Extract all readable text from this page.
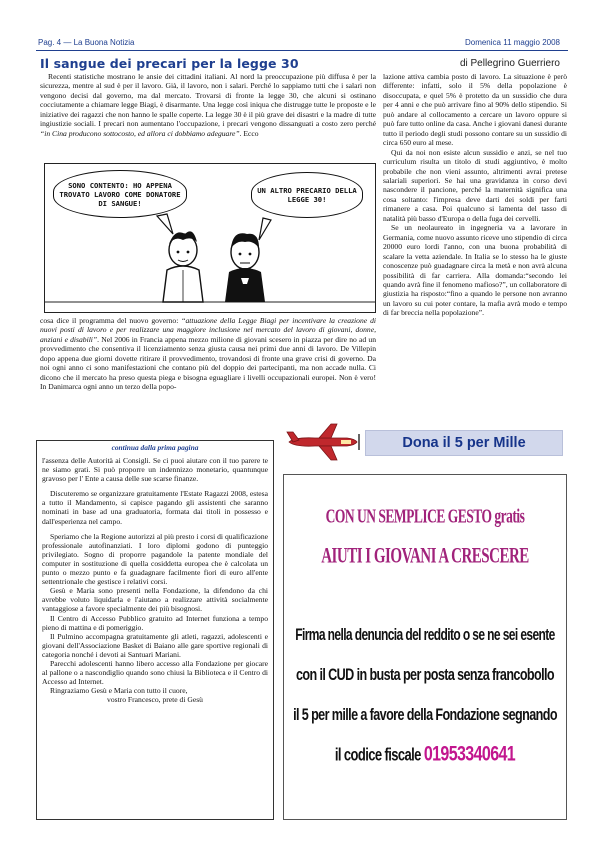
Pag. 4 — La Buona Notizia	Domenica 11 maggio 2008
Il sangue dei precari per la legge 30	di Pellegrino Guerriero

Recenti statistiche mostrano le ansie dei cittadini italiani. Al nord la preoccupazione più diffusa è per la sicurezza, mentre al sud è per il lavoro. Già, il lavoro, non i salari. Perché lo sappiamo tutti che i salari non vengono decisi dal governo, ma dal mercato. Trovarsi di fronte la legge 30, che alcuni si ostinano cocciutamente a chiamare legge Biagi, è disarmante. Una legge così iniqua che distrugge tutte le proposte e le iniziative dei ragazzi che non hanno le spalle coperte. La legge 30 è il più grave dei disastri e la madre di tutte ingiustizie sociali. I precari non aumentano l'occupazione, i precari vengono dissanguati a costo zero perché “in Cina producono sottocosto, ed allora ci dobbiamo adeguare”. Ecco

SONO CONTENTO: HO APPENA TROVATO LAVORO COME DONATORE DI SANGUE!
UN ALTRO PRECARIO DELLA LEGGE 30!

cosa dice il programma del nuovo governo: “attuazione della Legge Biagi per incentivare la creazione di nuovi posti di lavoro e per realizzare una maggiore inclusione nel mercato del lavoro di giovani, donne, anziani e disabili”. Nel 2006 in Francia appena mezzo milione di giovani scesero in piazza per dire no ad un provvedimento che consentiva il licenziamento senza giusta causa nei primi due anni di lavoro. De Villepin dopo appena due giorni dovette ritirare il provvedimento, trovandosi di fronte una grave crisi di governo. Da noi ogni anno ci sono manifestazioni che contano più del doppio dei partecipanti, ma non accade nulla. Ci dicono che il mercato ha preso questa piega e bisogna eguagliare i livelli occupazionali europei. Non è vero! In Danimarca ogni anno un terzo della popo-

lazione attiva cambia posto di lavoro. La situazione è però differente: infatti, solo il 5% della popolazione è disoccupata, e quel 5% è protetto da un sussidio che dura per 4 anni e che può arrivare fino al 90% dello stipendio. Si può andare al collocamento a cercare un lavoro oppure si può fare tutto online da casa. Anche i giovani danesi durante tutto il periodo degli studi possono contare su un sussidio di circa 650 euro al mese.

Qui da noi non esiste alcun sussidio e anzi, se nel tuo curriculum risulta un titolo di studi aggiuntivo, è molto probabile che non vieni assunto, altrimenti avrai pretese salariali superiori. Se hai una gravidanza in corso devi nascondere il pancione, perché la maternità significa una cosa soltanto: l'impresa deve darti dei soldi per farti rimanere a casa. Poi qualcuno si lamenta del tasso di natalità più basso d'Europa o della fuga dei cervelli.

Se un neolaureato in ingegneria va a lavorare in Germania, come nuovo assunto riceve uno stipendio di circa 20000 euro lordi l'anno, con una buona probabilità di scalare la vetta aziendale. In Italia se lo stesso ha le giuste conoscenze può guadagnare circa la metà e non avrà alcuna possibilità di far carriera. Alla domanda:“secondo lei quando avrà fine il fenomeno mafioso?”, un collaboratore di giustizia ha risposto:“fino a quando le persone non avranno un lavoro su cui poter contare, la mafia avrà modo e tempo di far breccia nella popolazione”.

continua dalla prima pagina

l'assenza delle Autorità ai Consigli. Se ci puoi aiutare con il tuo parere te ne siamo grati. Si può proporre un indennizzo monetario, quantunque gravoso per l' Ente a causa delle sue scarse finanze.

Discuteremo se organizzare gratuitamente l'Estate Ragazzi 2008, estesa a tutto il Mandamento, si capisce pagando gli assistenti che saranno nominati in base ad una graduatoria, formata dai titoli in possesso e dall'esperienza nel campo.

Speriamo che la Regione autorizzi al più presto i corsi di qualificazione professionale autofinanziati. I loro diplomi godono di punteggio privilegiato. Sogno di proporre pagandole la patente mondiale del computer in sostituzione di quella cosiddetta europea che è calcolata un punto o mezzo punto e fa guadagnare facilmente fiori di euro all'ente settentrionale che gestisce i relativi corsi.

Gesù e Maria sono presenti nella Fondazione, la difendono da chi avrebbe voluto liquidarla e l'aiutano a realizzare attività socialmente vantaggiose a favore specialmente dei più bisognosi.

Il Centro di Accesso Pubblico gratuito ad Internet funziona a tempo pieno di mattina e di pomeriggio.

Il Pulmino accompagna gratuitamente gli atleti, ragazzi, adolescenti e giovani dell'Associazione Basket di Baiano alle gare sportive regionali di categoria nonché i devoti ai Santuari Mariani.

Parecchi adolescenti hanno libero accesso alla Fondazione per giocare al pallone o a nascondiglio quando sono chiusi la Biblioteca e il Centro di Accesso ad Internet.

Ringraziamo Gesù e Maria con tutto il cuore,

vostro Francesco, prete di Gesù
Dona il 5 per Mille
CON UN SEMPLICE GESTO gratis
AIUTI I GIOVANI A CRESCERE
Firma nella denuncia del reddito o se ne sei esente
con il CUD in busta per posta senza francobollo
il 5 per mille a favore della Fondazione segnando
il codice fiscale 01953340641
